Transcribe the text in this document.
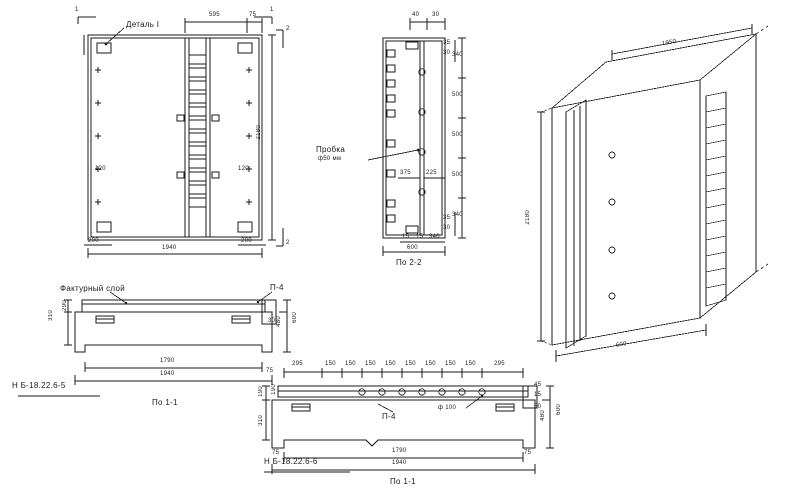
Деталь I
1	1
2
2
595	75
2180
1940
200	200
120	120
По 2-2
40 30
340
500
500
500
340
35
30
35
30
375	225
15 15 340
600
Пробка
ф50 мм
1950
2180
600
По 1-1
Фактурный слой	П-4
Н Б-18.22.6-5
310
290
30 480 600
1790
75
1940
По 1-1
П-4
Н Б-18.22.6-6
ф 100
295	150 150 150 150 150 150 150 150	295
190 190
310
45
15
50
480
600
75	1790	75
1940
